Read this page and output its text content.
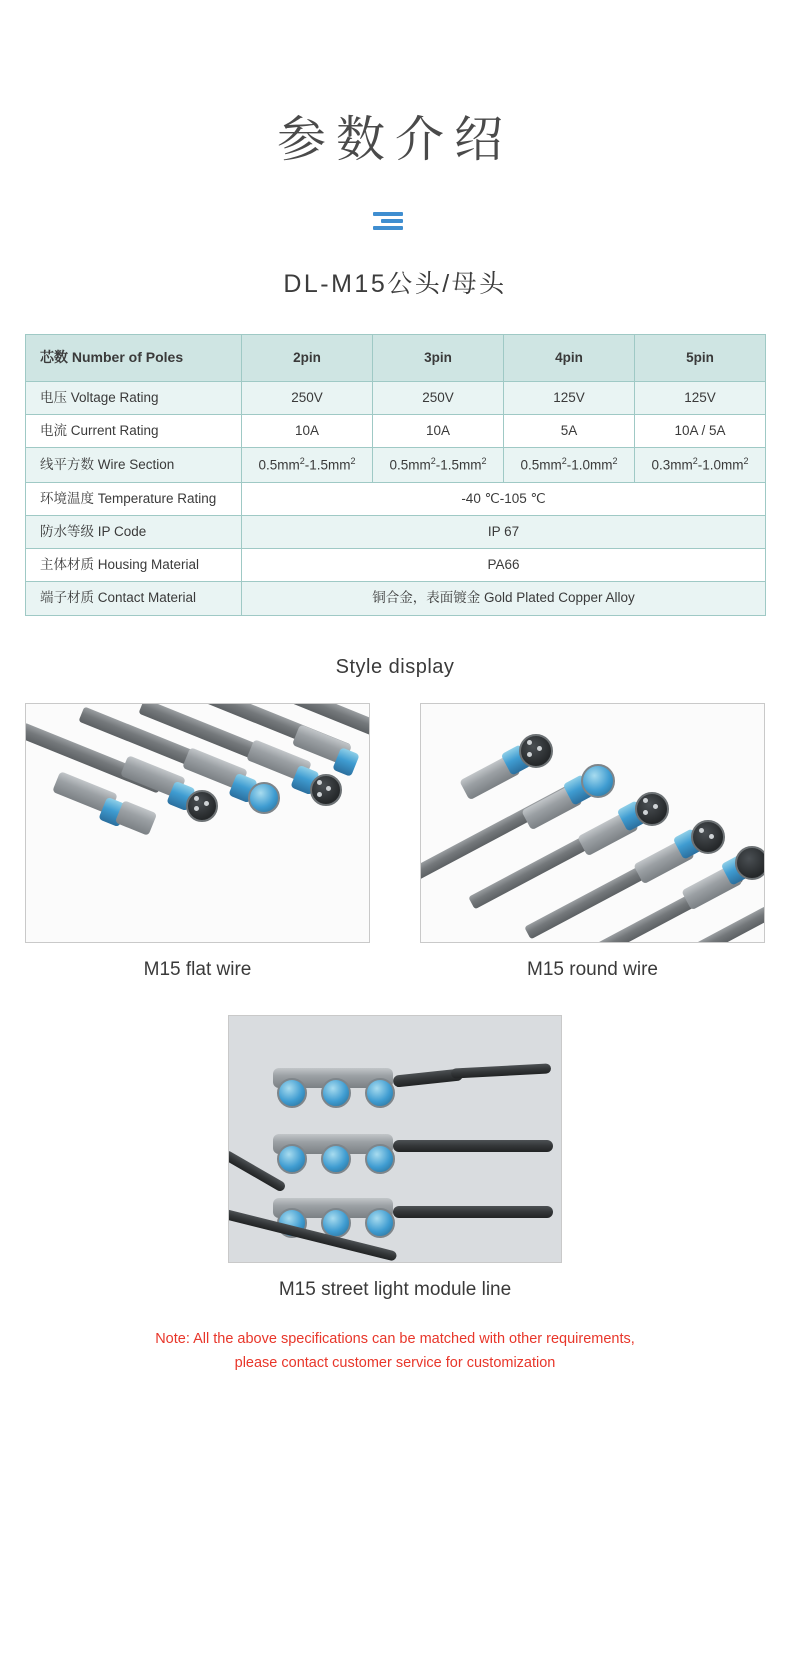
参数介绍
DL-M15公头/母头
芯数 Number of Poles	2pin	3pin	4pin	5pin
电压 Voltage Rating	250V	250V	125V	125V
电流 Current Rating	10A	10A	5A	10A / 5A
线平方数 Wire Section	$0.5mm^2-1.5mm^2$	$0.5mm^2-1.5mm^2$	$0.5mm^2-1.0mm^2$	$0.3mm^2-1.0mm^2$
环境温度 Temperature Rating	-40 ℃-105 ℃			
防水等级 IP Code	IP 67			
主体材质 Housing Material	PA66			
端子材质 Contact Material	铜合金，表面镀金 Gold Plated Copper Alloy			
Style display
M15 flat wire	M15 round wire
M15 street light module line
Note: All the above specifications can be matched with other requirements,
please contact customer service for customization
